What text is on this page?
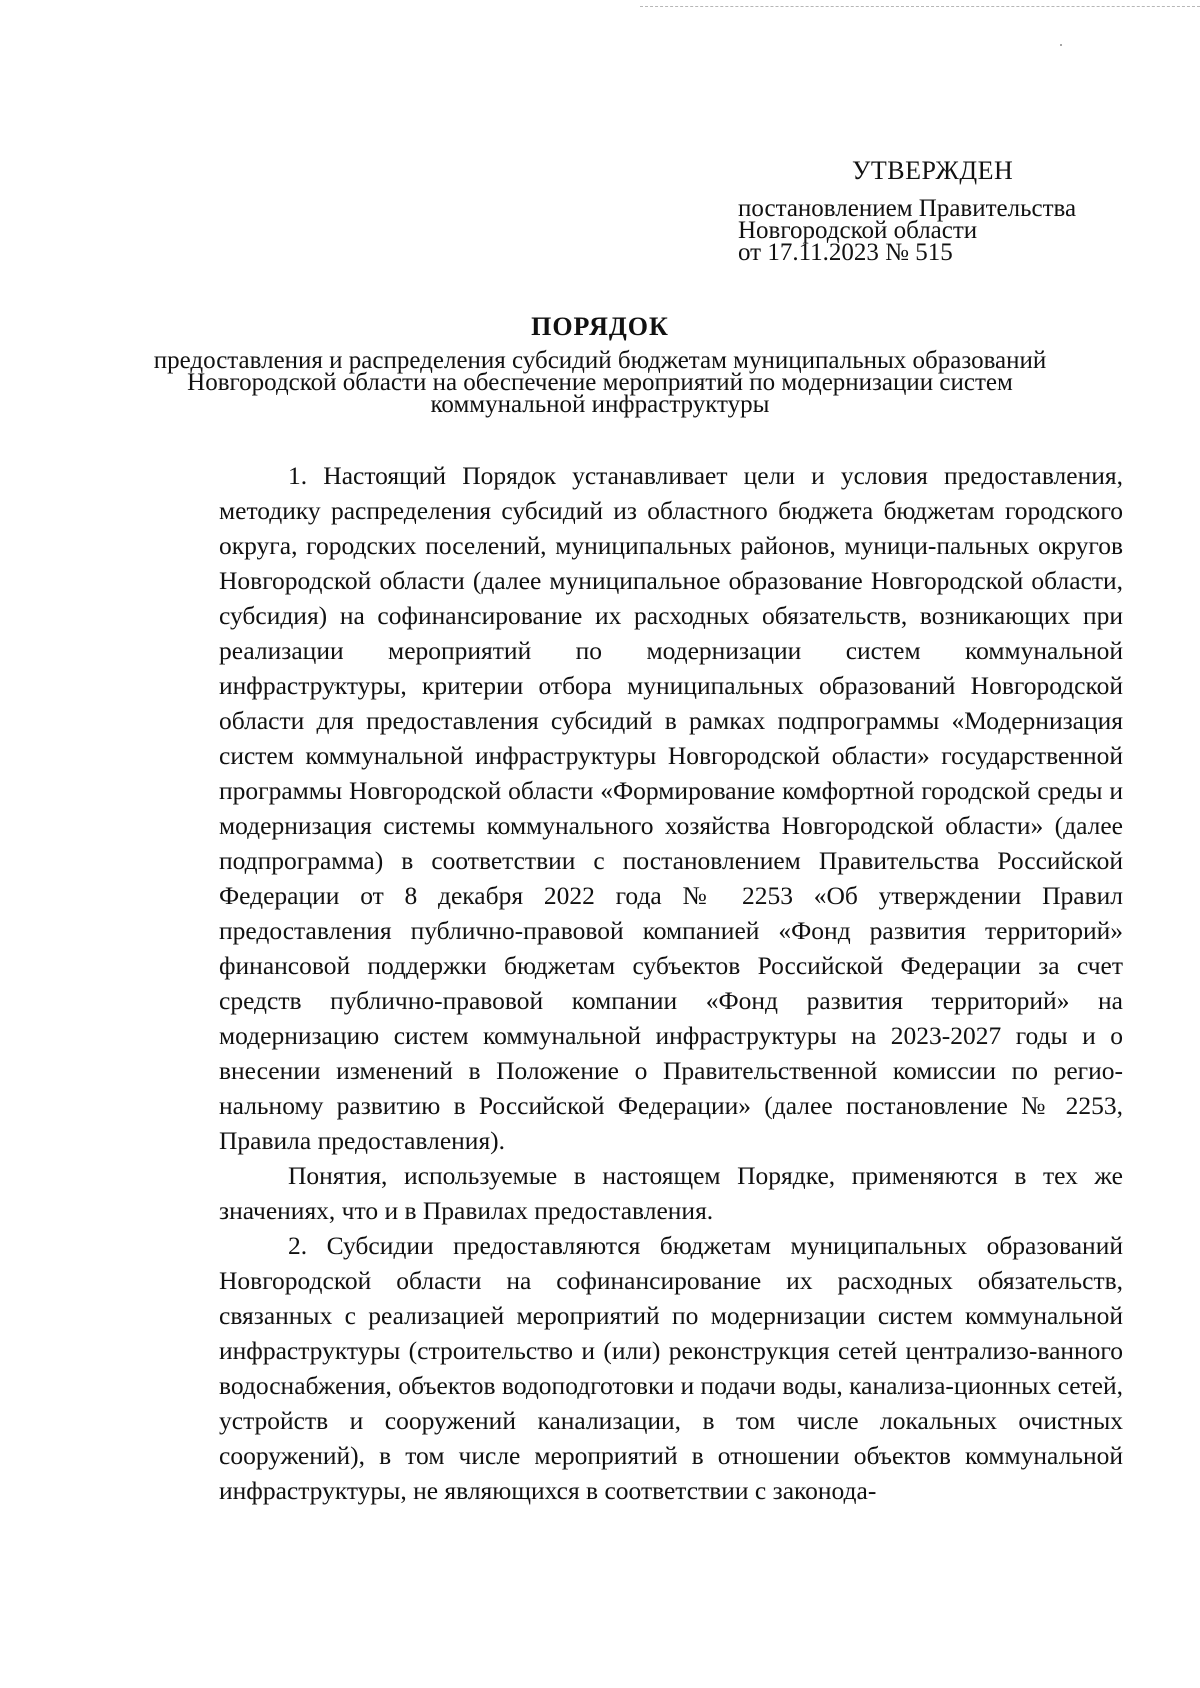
УТВЕРЖДЕН
постановлением Правительства
Новгородской области
от 17.11.2023 № 515
ПОРЯДОК
предоставления и распределения субсидий бюджетам муниципальных образований Новгородской области на обеспечение мероприятий по модернизации систем коммунальной инфраструктуры

1. Настоящий Порядок устанавливает цели и условия предоставления, методику распределения субсидий из областного бюджета бюджетам городского округа, городских поселений, муниципальных районов, муници-пальных округов Новгородской области (далее муниципальное образование Новгородской области, субсидия) на софинансирование их расходных обязательств, возникающих при реализации мероприятий по модернизации систем коммунальной инфраструктуры, критерии отбора муниципальных образований Новгородской области для предоставления субсидий в рамках подпрограммы «Модернизация систем коммунальной инфраструктуры Новгородской области» государственной программы Новгородской области «Формирование комфортной городской среды и модернизация системы коммунального хозяйства Новгородской области» (далее подпрограмма) в соответствии с постановлением Правительства Российской Федерации от 8 декабря 2022 года № 2253 «Об утверждении Правил предоставления публично-правовой компанией «Фонд развития территорий» финансовой поддержки бюджетам субъектов Российской Федерации за счет средств публично-правовой компании «Фонд развития территорий» на модернизацию систем коммунальной инфраструктуры на 2023-2027 годы и о внесении изменений в Положение о Правительственной комиссии по регио-нальному развитию в Российской Федерации» (далее постановление № 2253, Правила предоставления).

Понятия, используемые в настоящем Порядке, применяются в тех же значениях, что и в Правилах предоставления.

2. Субсидии предоставляются бюджетам муниципальных образований Новгородской области на софинансирование их расходных обязательств, связанных с реализацией мероприятий по модернизации систем коммунальной инфраструктуры (строительство и (или) реконструкция сетей централизо-ванного водоснабжения, объектов водоподготовки и подачи воды, канализа-ционных сетей, устройств и сооружений канализации, в том числе локальных очистных сооружений), в том числе мероприятий в отношении объектов коммунальной инфраструктуры, не являющихся в соответствии с законода-
